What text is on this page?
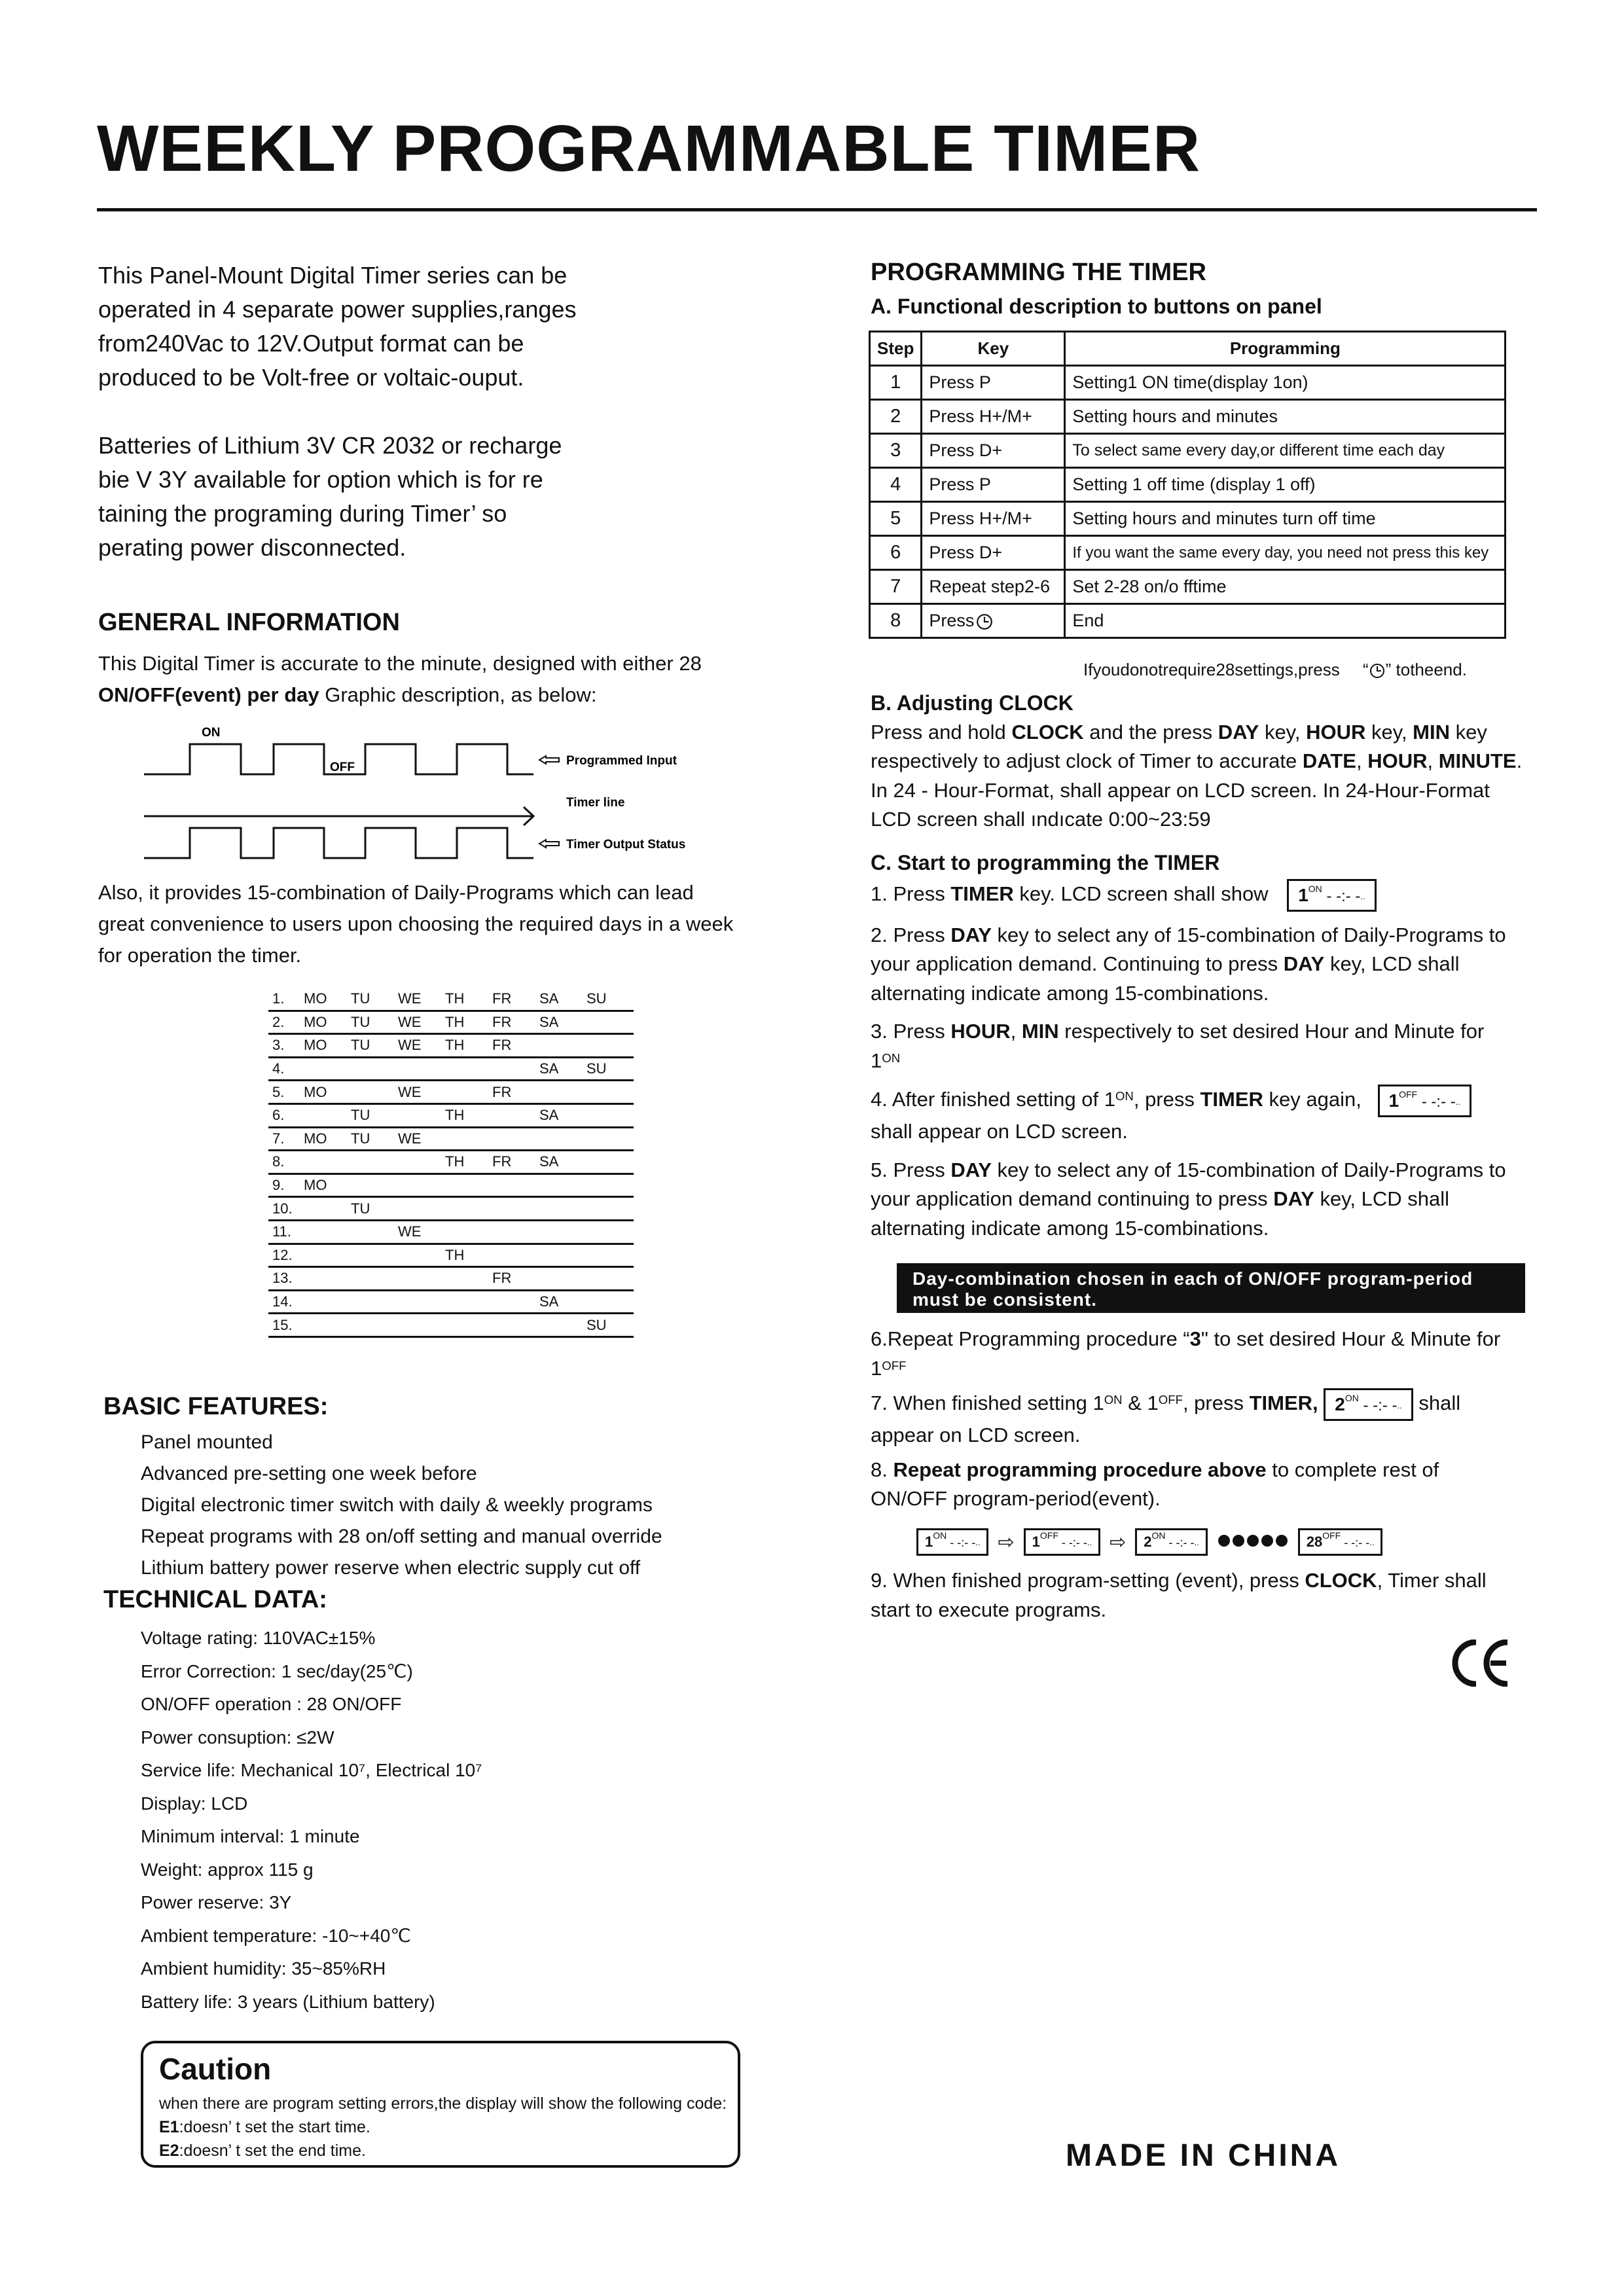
WEEKLY PROGRAMMABLE TIMER

This Panel-Mount Digital Timer series can be
operated in 4 separate power supplies,ranges
from240Vac to 12V.Output format can be
produced to be Volt-free or voltaic-ouput.

Batteries of Lithium 3V CR 2032 or recharge
bie V 3Y available for option which is for re
taining the programing during Timer’ so
perating power disconnected.

GENERAL INFORMATION
This Digital Timer is accurate to the minute, designed with either 28
ON/OFF(event) per day Graphic description, as below:
ON
OFF	Programmed Input
Timer line
Timer Output Status
Also, it provides 15-combination of Daily-Programs which can lead
great convenience to users upon choosing the required days in a week
for operation the timer.
1.	MO	TU	WE	TH	FR	SA	SU
2.	MO	TU	WE	TH	FR	SA	
3.	MO	TU	WE	TH	FR		
4.						SA	SU
5.	MO		WE		FR		
6.		TU		TH		SA	
7.	MO	TU	WE				
8.				TH	FR	SA	
9.	MO						
10.		TU					
11.			WE				
12.				TH			
13.					FR		
14.						SA	
15.							SU
BASIC FEATURES:
Panel mounted
Advanced pre-setting one week before
Digital electronic timer switch with daily & weekly programs
Repeat programs with 28 on/off setting and manual override
Lithium battery power reserve when electric supply cut off
TECHNICAL DATA:
Voltage rating: 110VAC±15%
Error Correction: 1 sec/day(25℃)
ON/OFF operation : 28 ON/OFF
Power consuption: ≤2W
Service life: Mechanical 10⁷, Electrical 10⁷
Display: LCD
Minimum interval: 1 minute
Weight: approx 115 g
Power reserve: 3Y
Ambient temperature: -10~+40℃
Ambient humidity: 35~85%RH
Battery life: 3 years (Lithium battery)
Caution
when there are program setting errors,the display will show the following code:
E1:doesn’ t set the start time.
E2:doesn’ t set the end time.
PROGRAMMING THE TIMER
A. Functional description to buttons on panel
Step	Key	Programming
1	Press P	Setting1 ON time(display 1on)
2	Press H+/M+	Setting hours and minutes
3	Press D+	To select same every day,or different time each day
4	Press P	Setting 1 off time (display 1 off)
5	Press H+/M+	Setting hours and minutes turn off time
6	Press D+	If you want the same every day, you need not press this key
7	Repeat step2-6	Set 2-28 on/o fftime
8	Press	End
Ifyoudonotrequire28settings,press “ ” totheend.
B. Adjusting CLOCK

Press and hold CLOCK and the press DAY key, HOUR key, MIN key respectively to adjust clock of Timer to accurate DATE, HOUR, MINUTE. In 24 - Hour-Format, shall appear on LCD screen. In 24-Hour-Format LCD screen shall ındıcate 0:00~23:59

C. Start to programming the TIMER

1. Press TIMER key. LCD screen shall show $1^{ON}$ - -:- -..

2. Press DAY key to select any of 15-combination of Daily-Programs to your application demand. Continuing to press DAY key, LCD shall alternating indicate among 15-combinations.

3. Press HOUR, MIN respectively to set desired Hour and Minute for
$1^{ON}$

4. After finished setting of $1^{ON}$, press TIMER key again, $1^{OFF}$ - -:- -..
shall appear on LCD screen.

5. Press DAY key to select any of 15-combination of Daily-Programs to your application demand continuing to press DAY key, LCD shall alternating indicate among 15-combinations.

Day-combination chosen in each of ON/OFF program-period must be consistent.

6.Repeat Programming procedure “3" to set desired Hour & Minute for
$1^{OFF}$

7. When finished setting $1^{ON}$ & $1^{OFF}$, press TIMER, $2^{ON}$ - -:- -.. shall
appear on LCD screen.

8. Repeat programming procedure above to complete rest of ON/OFF program-period(event).

$1^{ON}$ - -:- -.. ⇨	$1^{OFF}$ - -:- -.. ⇨	$2^{ON}$ - -:- -..	$28^{OFF}$ - -:- -..
9. When finished program-setting (event), press CLOCK, Timer shall start to execute programs.
MADE IN CHINA
